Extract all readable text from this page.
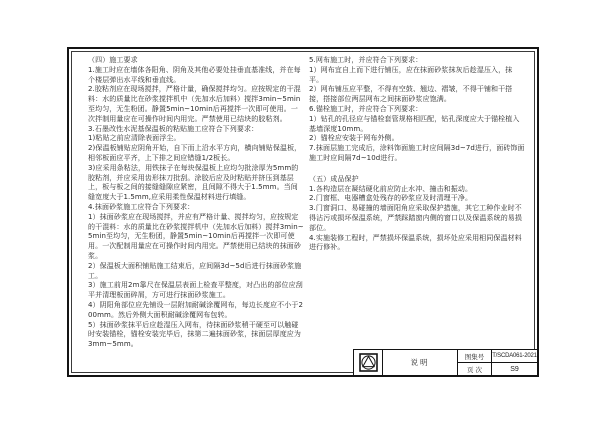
（四）施工要求

1.施工时应在墙体各阳角、阴角及其他必要处挂垂直基准线，并在每个楼层弹出水平线和垂直线。

2.胶粘剂应在现场搅拌，严格计量，确保搅拌均匀。应按规定的干混料：水的质量比在砂浆搅拌机中（先加水后加料）搅拌3min~5min至均匀，无生粉团。静置5min~10min后再搅拌一次即可使用。一次拌制用量应在可操作时间内用完。严禁使用已结块的胶粘剂。

3.石墨改性水泥基保温板的粘贴施工应符合下列要求：

1)粘贴之前应清除表面浮尘。

2)保温板铺贴应阴角开始，自下而上沿水平方向，横向铺贴保温板，相邻板面应平齐，上下排之间应错缝1/2板长。

3)应采用条粘法，用铁抹子在每块保温板上应均匀批涂厚为5mm的胶粘剂，并应采用齿形抹刀批刮。涂胶后应及时粘贴并挤压到基层上，板与板之间的接缝缝隙应紧密，且间隙不得大于1.5mm。当间缝宽度大于1.5mm,应采用柔性保温材料进行填缝。

4.抹面砂浆施工应符合下列要求：

1）抹面砂浆应在现场搅拌，并应有严格计量、搅拌均匀，应按规定的干混料：水的质量比在砂浆搅拌机中（先加水后加料）搅拌3min~5min至均匀，无生粉团，静置5min~10min后再搅拌一次即可使用。一次配制用量应在可操作时间内用完。严禁使用已结块的抹面砂浆。

2）保温板大面积铺贴施工结束后，应间隔3d~5d后进行抹面砂浆施工。

3）施工前用2m靠尺在保温层表面上检查平整度，对凸出的部位应刮平并清理板面碎屑，方可进行抹面砂浆施工。

4）阴阳角部位应先铺设一层附加耐碱涂覆网布，每边长度应不小于200mm。然后外侧大面积耐碱涂覆网布包转。

5）抹面砂浆抹平后应趁湿压入网布，待抹面砂浆稍干硬至可以触碰时安装锚栓，锚栓安装完毕后，抹第二遍抹面砂浆，抹面层厚度应为3mm~5mm。

5.网布施工时，并应符合下列要求：

1）网布宜自上而下进行铺压，应在抹面砂浆抹灰后趁湿压入，抹平。

2）网布铺压应平整，不得有空鼓、翘边、褶皱，不得干铺和干搭接，搭接部位两层网布之间抹面砂浆应饱满。

6.锚栓施工时，并应符合下列要求：

1）钻孔的孔径应与锚栓套管规格相匹配，钻孔深度应大于锚栓植入基墙深度10mm。

2）锚栓应安装于网布外侧。

7.抹面层施工完成后，涂料饰面施工时应间隔3d~7d进行，面砖饰面施工时应间隔7d~10d进行。

（五）成品保护

1.各构造层在凝结硬化前应防止水冲、撞击和振动。

2.门窗框、电器槽盒处残存的砂浆应及时清理干净。

3.门窗洞口、易碰撞的墙面阳角应采取保护措施，其它工种作业时不得沾污或损坏保温系统，严禁踩踏窗内侧的窗口以及保温系统的易损部位。

4.实施装修工程时，严禁损坏保温系统，损坏处应采用相同保温材料进行修补。

说明
图集号	T/SCDA061-2021
页 次	S9
